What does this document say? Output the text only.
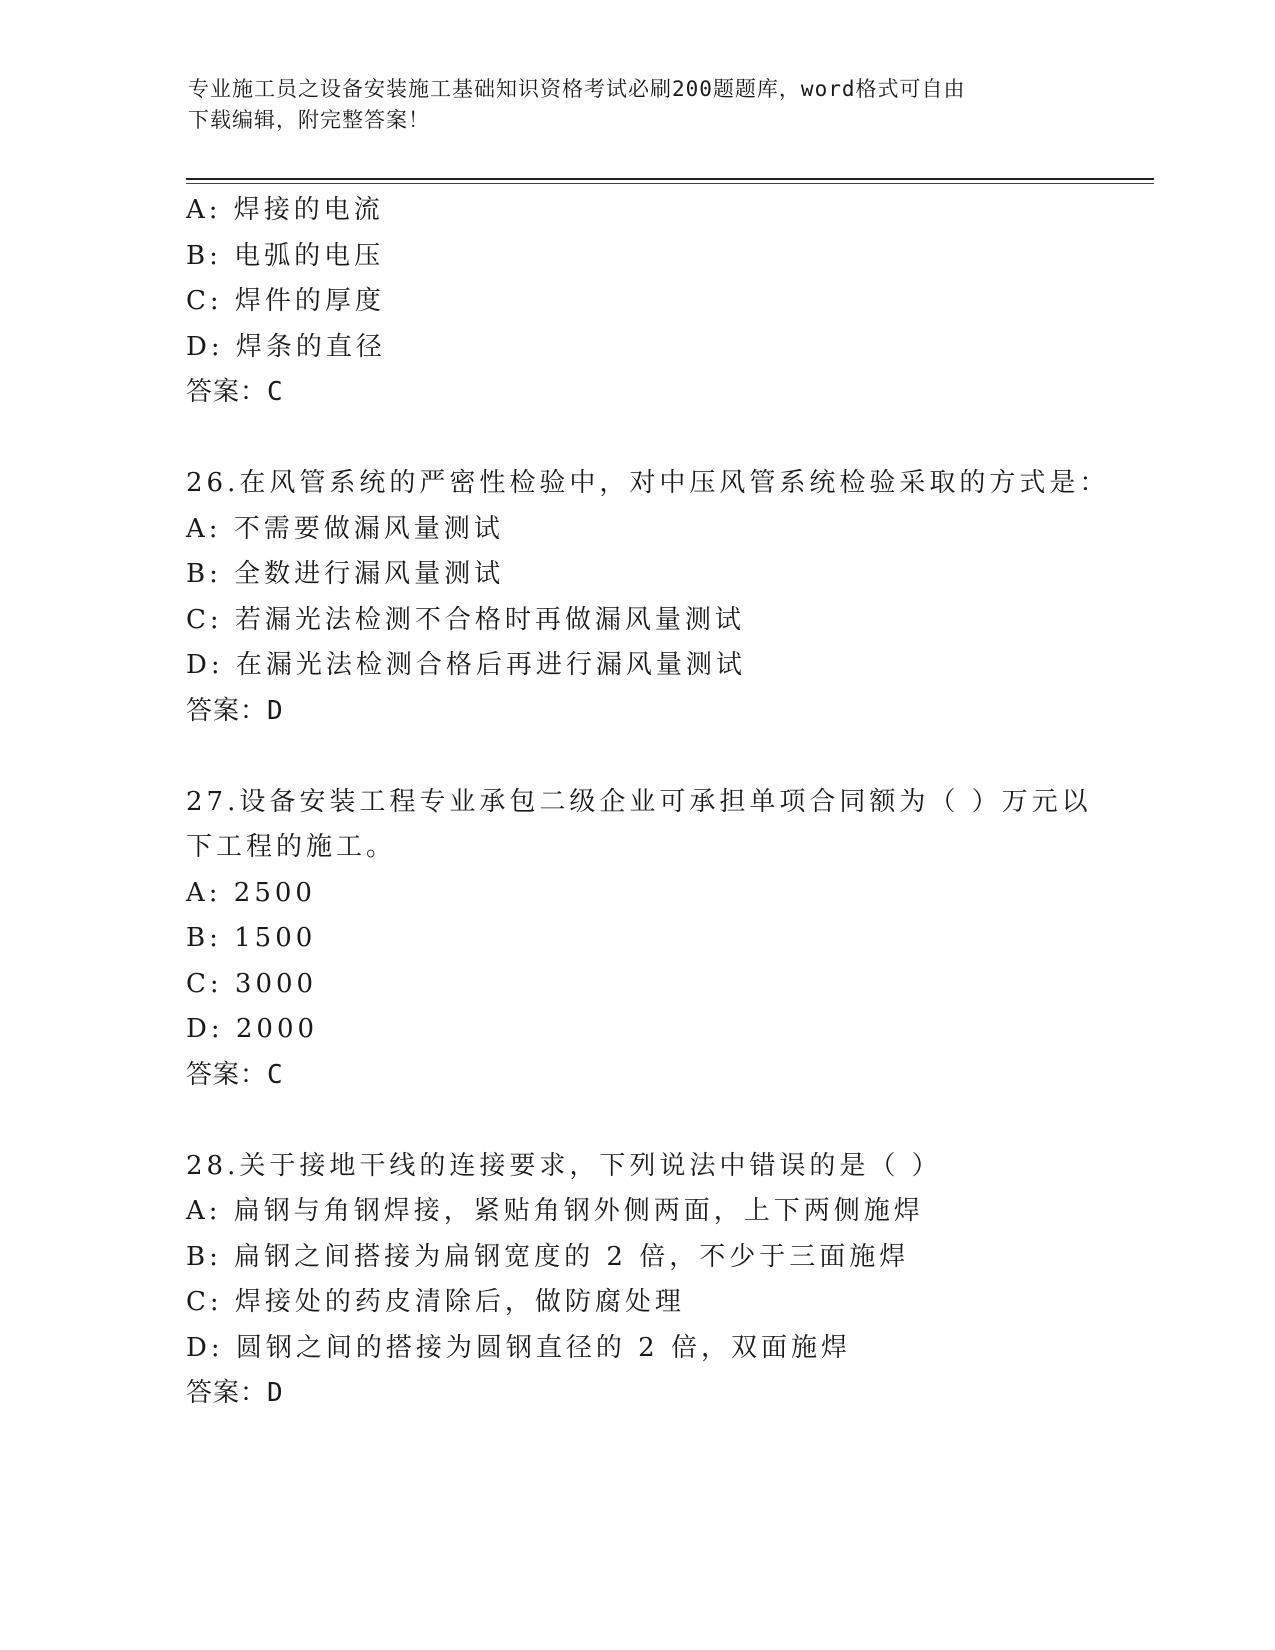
专业施工员之设备安装施工基础知识资格考试必刷200题题库，word格式可自由
下载编辑，附完整答案！
A: 焊接的电流
B: 电弧的电压
C: 焊件的厚度
D: 焊条的直径
答案：C
26.在风管系统的严密性检验中，对中压风管系统检验采取的方式是：
A: 不需要做漏风量测试
B: 全数进行漏风量测试
C: 若漏光法检测不合格时再做漏风量测试
D: 在漏光法检测合格后再进行漏风量测试
答案：D
27.设备安装工程专业承包二级企业可承担单项合同额为（ ）万元以
下工程的施工。
A: 2500
B: 1500
C: 3000
D: 2000
答案：C
28.关于接地干线的连接要求，下列说法中错误的是（ ）
A: 扁钢与角钢焊接，紧贴角钢外侧两面，上下两侧施焊
B: 扁钢之间搭接为扁钢宽度的 2 倍，不少于三面施焊
C: 焊接处的药皮清除后，做防腐处理
D: 圆钢之间的搭接为圆钢直径的 2 倍，双面施焊
答案：D
